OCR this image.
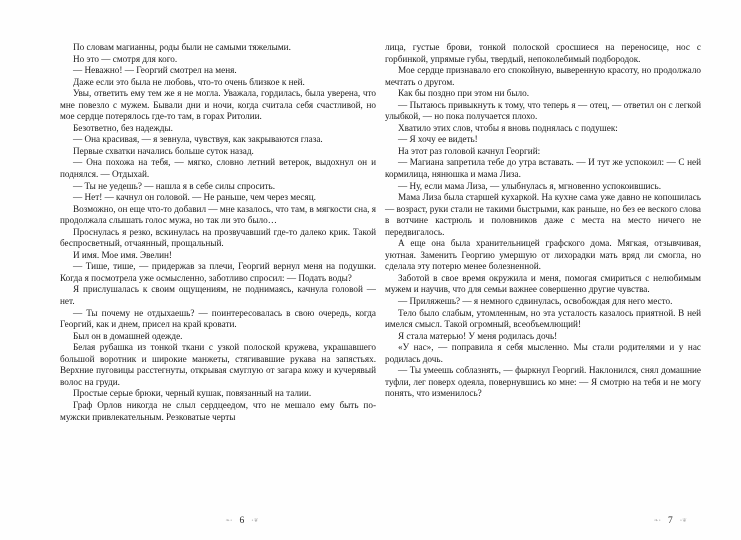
По словам магианны, роды были не самыми тяжелыми.

Но это — смотря для кого.

— Неважно! — Георгий смотрел на меня.

Даже если это была не любовь, что-то очень близкое к ней.

Увы, ответить ему тем же я не могла. Уважала, гордилась, была уверена, что мне повезло с мужем. Бывали дни и ночи, когда считала себя счастливой, но мое сердце потерялось где-то там, в горах Ритолии.

Безответно, без надежды.

— Она красивая, — я зевнула, чувствуя, как закрываются глаза.

Первые схватки начались больше суток назад.

— Она похожа на тебя, — мягко, словно летний ветерок, выдохнул он и поднялся. — Отдыхай.

— Ты не уедешь? — нашла я в себе силы спросить.

— Нет! — качнул он головой. — Не раньше, чем через месяц.

Возможно, он еще что-то добавил — мне казалось, что там, в мягкости сна, я продолжала слышать голос мужа, но так ли это было…

Проснулась я резко, вскинулась на прозвучавший где-то далеко крик. Такой беспросветный, отчаянный, прощальный.

И имя. Мое имя. Эвелин!

— Тише, тише, — придержав за плечи, Георгий вернул меня на подушки. Когда я посмотрела уже осмысленно, заботливо спросил: — Подать воды?

Я прислушалась к своим ощущениям, не поднимаясь, качнула головой — нет.

— Ты почему не отдыхаешь? — поинтересовалась в свою очередь, когда Георгий, как и днем, присел на край кровати.

Был он в домашней одежде.

Белая рубашка из тонкой ткани с узкой полоской кружева, украшавшего большой воротник и широкие манжеты, стягивавшие рукава на запястьях. Верхние пуговицы расстегнуты, открывая смуглую от загара кожу и кучерявый волос на груди.

Простые серые брюки, черный кушак, повязанный на талии.

Граф Орлов никогда не слыл сердцеедом, что не мешало ему быть по-мужски привлекательным. Резковатые черты

❧• 6 •❦

лица, густые брови, тонкой полоской сросшиеся на переносице, нос с горбинкой, упрямые губы, твердый, непоколебимый подбородок.

Мое сердце признавало его спокойную, выверенную красоту, но продолжало мечтать о другом.

Как бы поздно при этом ни было.

— Пытаюсь привыкнуть к тому, что теперь я — отец, — ответил он с легкой улыбкой, — но пока получается плохо.

Хватило этих слов, чтобы я вновь поднялась с подушек:

— Я хочу ее видеть!

На этот раз головой качнул Георгий:

— Магиана запретила тебе до утра вставать. — И тут же успокоил: — С ней кормилица, нянюшка и мама Лиза.

— Ну, если мама Лиза, — улыбнулась я, мгновенно успокоившись.

Мама Лиза была старшей кухаркой. На кухне сама уже давно не копошилась — возраст, руки стали не такими быстрыми, как раньше, но без ее веского слова в вотчине кастрюль и половников даже с места на место ничего не передвигалось.

А еще она была хранительницей графского дома. Мягкая, отзывчивая, уютная. Заменить Георгию умершую от лихорадки мать вряд ли смогла, но сделала эту потерю менее болезненной.

Заботой в свое время окружила и меня, помогая смириться с нелюбимым мужем и научив, что для семьи важнее совершенно другие чувства.

— Приляжешь? — я немного сдвинулась, освобождая для него место.

Тело было слабым, утомленным, но эта усталость казалось приятной. В ней имелся смысл. Такой огромный, всеобъемлющий!

Я стала матерью! У меня родилась дочь!

«У нас», — поправила я себя мысленно. Мы стали родителями и у нас родилась дочь.

— Ты умеешь соблазнять, — фыркнул Георгий. Наклонился, снял домашние туфли, лег поверх одеяла, повернувшись ко мне: — Я смотрю на тебя и не могу понять, что изменилось?

❧• 7 •❦
